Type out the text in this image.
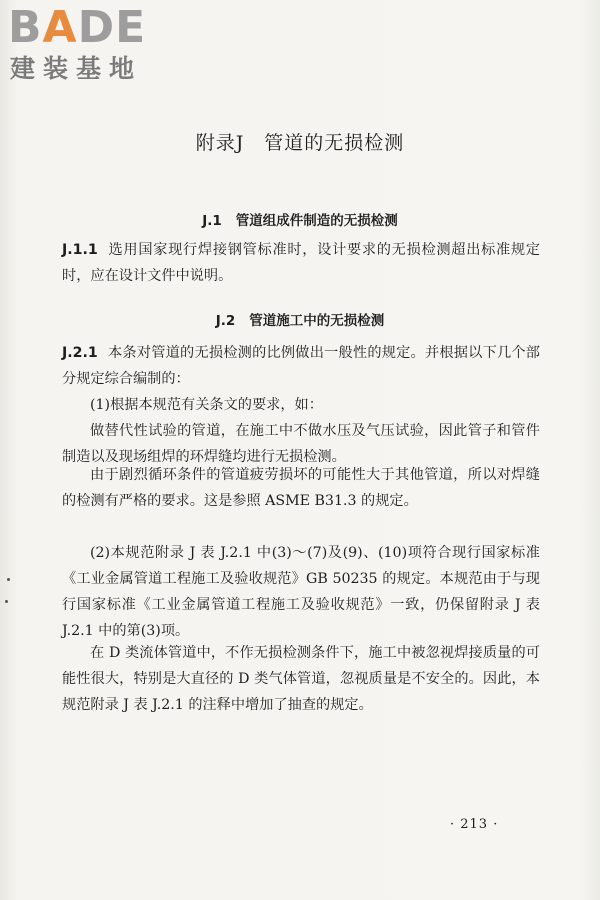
BADE
建装基地
附录J　管道的无损检测
J.1 管道组成件制造的无损检测
J.1.1 选用国家现行焊接钢管标准时，设计要求的无损检测超出标准规定时，应在设计文件中说明。
J.2 管道施工中的无损检测
J.2.1 本条对管道的无损检测的比例做出一般性的规定。并根据以下几个部分规定综合编制的：
(1)根据本规范有关条文的要求，如：
做替代性试验的管道，在施工中不做水压及气压试验，因此管子和管件制造以及现场组焊的环焊缝均进行无损检测。
由于剧烈循环条件的管道疲劳损坏的可能性大于其他管道，所以对焊缝的检测有严格的要求。这是参照 ASME B31.3 的规定。
(2)本规范附录 J 表 J.2.1 中(3)～(7)及(9)、(10)项符合现行国家标准《工业金属管道工程施工及验收规范》GB 50235 的规定。本规范由于与现行国家标准《工业金属管道工程施工及验收规范》一致，仍保留附录 J 表 J.2.1 中的第(3)项。
在 D 类流体管道中，不作无损检测条件下，施工中被忽视焊接质量的可能性很大，特别是大直径的 D 类气体管道，忽视质量是不安全的。因此，本规范附录 J 表 J.2.1 的注释中增加了抽查的规定。
· 213 ·
